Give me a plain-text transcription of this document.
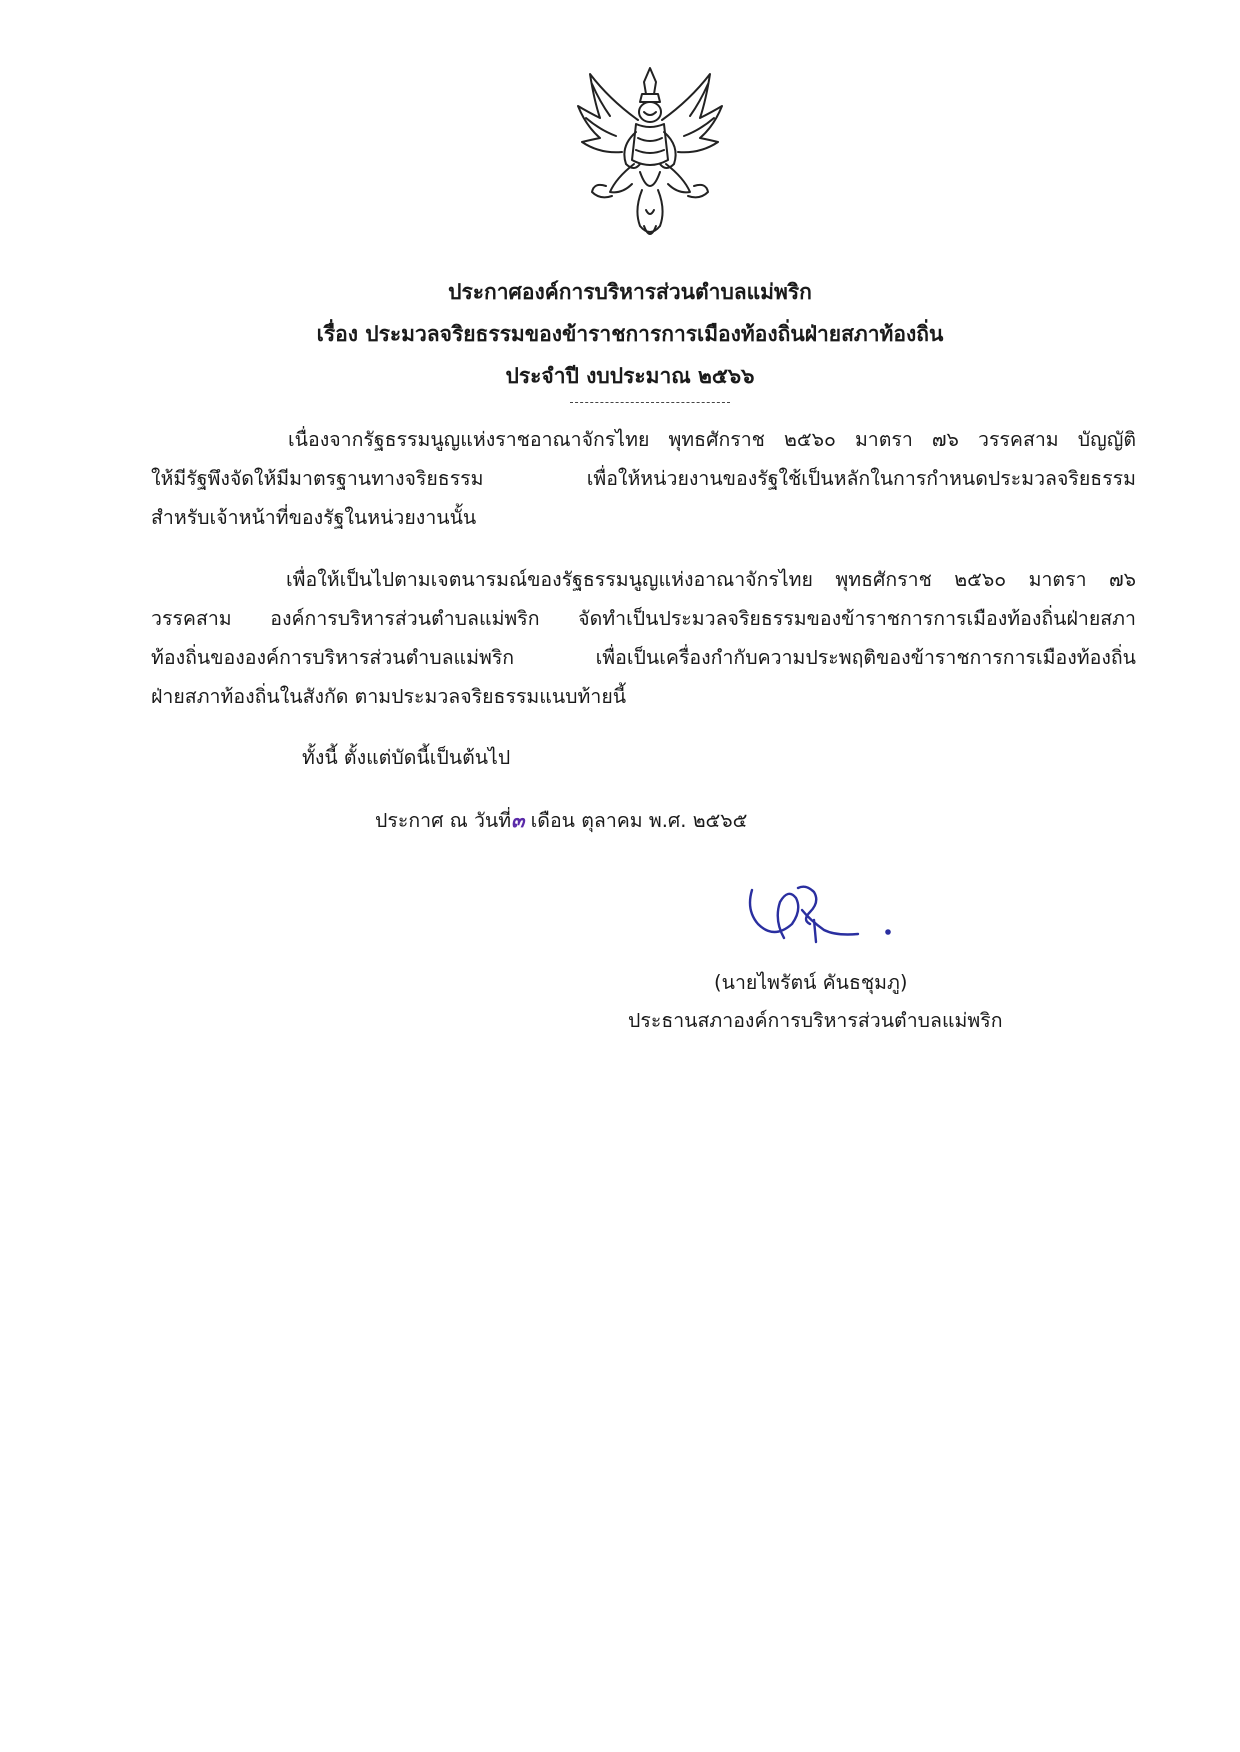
ประกาศองค์การบริหารส่วนตำบลแม่พริก
เรื่อง ประมวลจริยธรรมของข้าราชการการเมืองท้องถิ่นฝ่ายสภาท้องถิ่น
ประจำปี งบประมาณ ๒๕๖๖
เนื่องจากรัฐธรรมนูญแห่งราชอาณาจักรไทย พุทธศักราช ๒๕๖๐ มาตรา ๗๖ วรรคสาม บัญญัติ
ให้มีรัฐพึงจัดให้มีมาตรฐานทางจริยธรรม เพื่อให้หน่วยงานของรัฐใช้เป็นหลักในการกำหนดประมวลจริยธรรม
สำหรับเจ้าหน้าที่ของรัฐในหน่วยงานนั้น
เพื่อให้เป็นไปตามเจตนารมณ์ของรัฐธรรมนูญแห่งอาณาจักรไทย พุทธศักราช ๒๕๖๐ มาตรา ๗๖
วรรคสาม องค์การบริหารส่วนตำบลแม่พริก จัดทำเป็นประมวลจริยธรรมของข้าราชการการเมืองท้องถิ่นฝ่ายสภา
ท้องถิ่นขององค์การบริหารส่วนตำบลแม่พริก เพื่อเป็นเครื่องกำกับความประพฤติของข้าราชการการเมืองท้องถิ่น
ฝ่ายสภาท้องถิ่นในสังกัด ตามประมวลจริยธรรมแนบท้ายนี้
ทั้งนี้ ตั้งแต่บัดนี้เป็นต้นไป
ประกาศ ณ วันที่๓ เดือน ตุลาคม พ.ศ. ๒๕๖๕
(นายไพรัตน์ คันธชุมภู)
ประธานสภาองค์การบริหารส่วนตำบลแม่พริก
